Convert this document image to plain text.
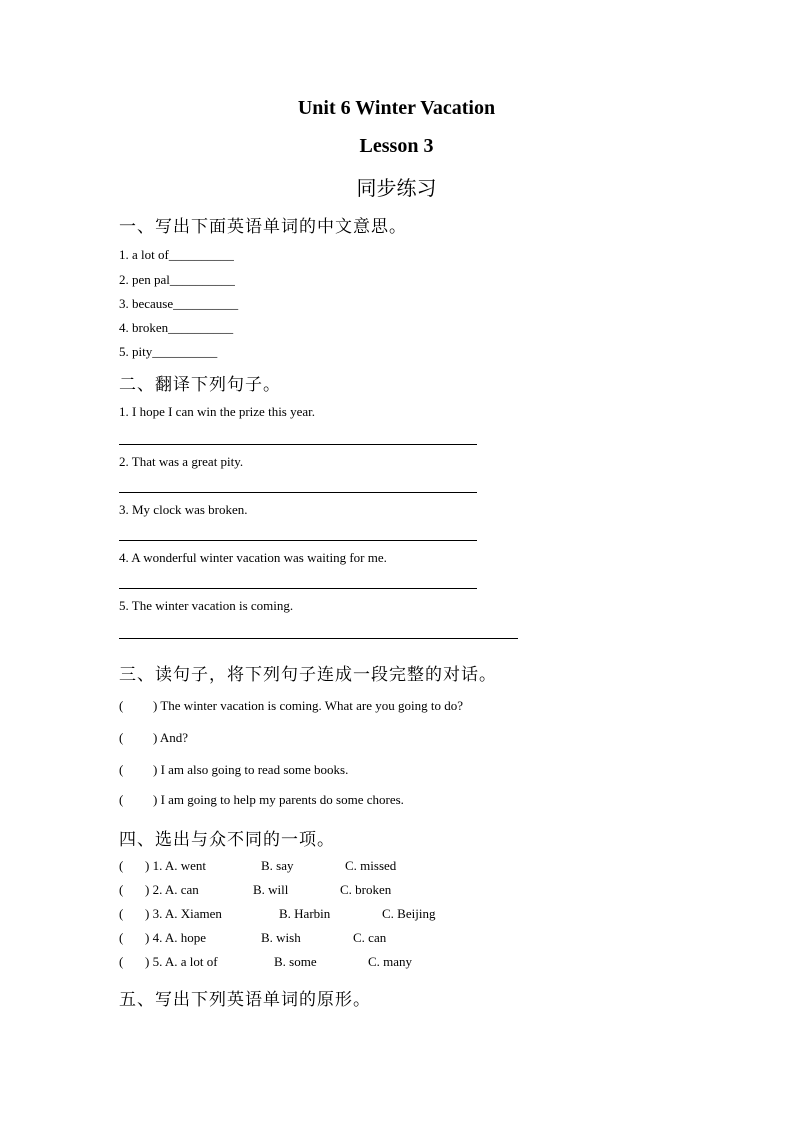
Unit 6 Winter Vacation
Lesson 3
同步练习
一、写出下面英语单词的中文意思。
1. a lot of__________
2. pen pal__________
3. because__________
4. broken__________
5. pity__________
二、翻译下列句子。
1. I hope I can win the prize this year.
2. That was a great pity.
3. My clock was broken.
4. A wonderful winter vacation was waiting for me.
5. The winter vacation is coming.
三、读句子，将下列句子连成一段完整的对话。
( ) The winter vacation is coming. What are you going to do?
( ) And?
( ) I am also going to read some books.
( ) I am going to help my parents do some chores.
四、选出与众不同的一项。
( ) 1. A. went	B. say	C. missed
( ) 2. A. can	B. will	C. broken
( ) 3. A. Xiamen	B. Harbin	C. Beijing
( ) 4. A. hope	B. wish	C. can
( ) 5. A. a lot of	B. some	C. many
五、写出下列英语单词的原形。
